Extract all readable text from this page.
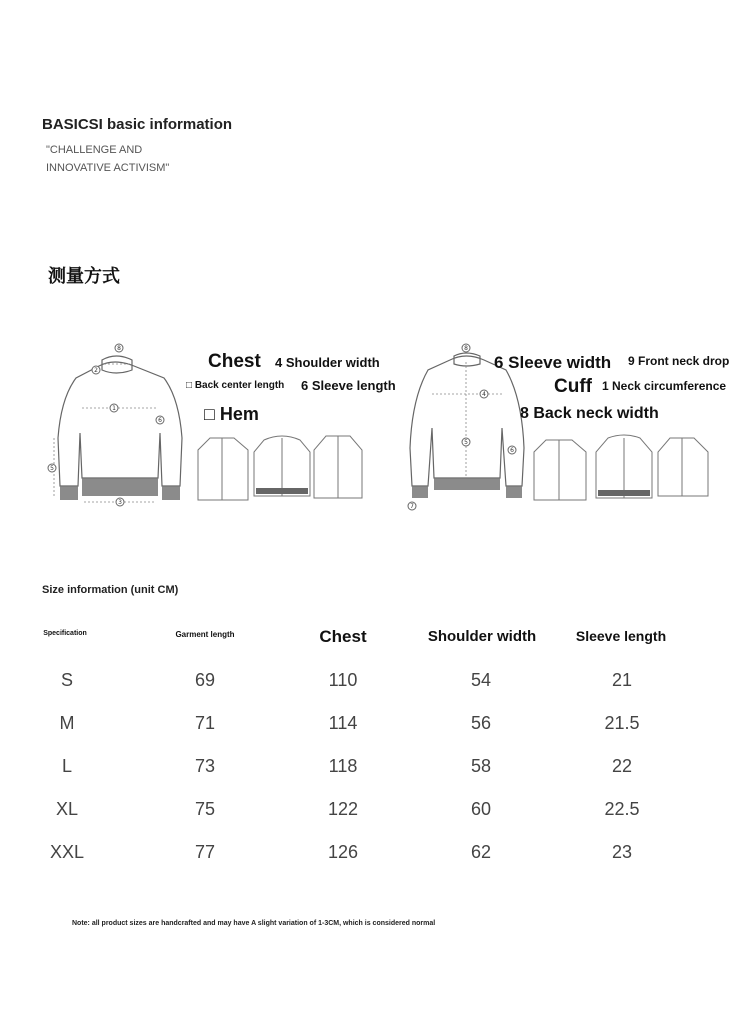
BASICSI basic information
"CHALLENGE AND
INNOVATIVE ACTIVISM"
测量方式
8
1
3
5
6
2
8
4
5
6
7
Chest 4 Shoulder width
□ Back center length 6 Sleeve length
□ Hem
6 Sleeve width 9 Front neck drop
Cuff 1 Neck circumference
8 Back neck width
Size information (unit CM)
Specification	Garment length	Chest	Shoulder width	Sleeve length
S	69	110	54	21
M	71	114	56	21.5
L	73	118	58	22
XL	75	122	60	22.5
XXL	77	126	62	23
Note: all product sizes are handcrafted and may have A slight variation of 1-3CM, which is considered normal
